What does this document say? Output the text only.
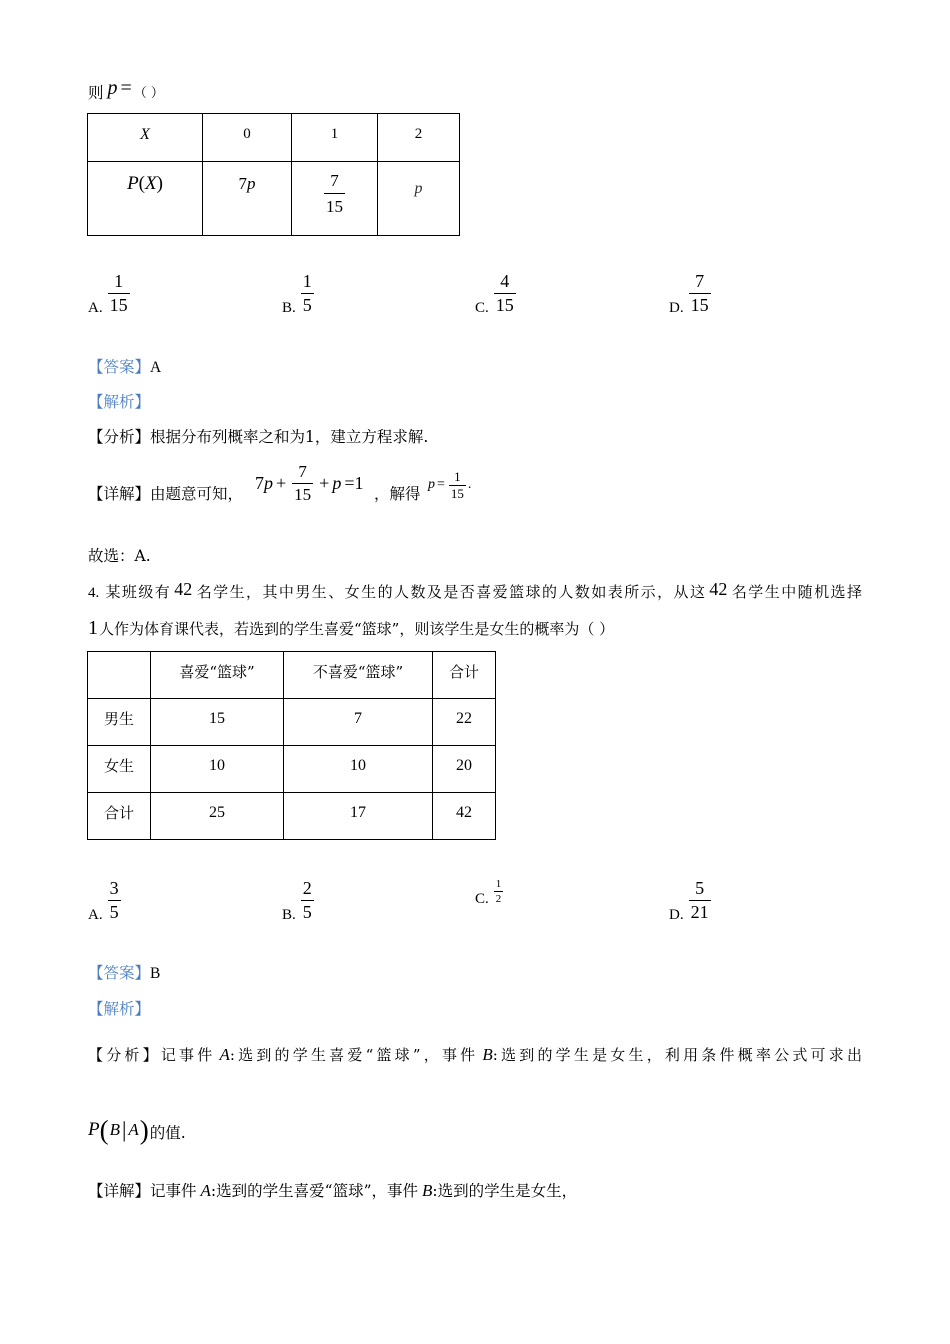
则 p = （ ）
X	0	1	2

P(X)	7p	$\frac{7}{15}$	p
A. $\frac{1}{15}$	B. $\frac{1}{5}$	C. $\frac{4}{15}$	D. $\frac{7}{15}$
【答案】A
【解析】
【分析】根据分布列概率之和为1，建立方程求解.
【详解】由题意可知，
7 $p + \frac{7}{15} + p =1$
，解得
$p = \frac{1}{15}$ .
故选：A.
4. 某班级有 42 名学生，其中男生、女生的人数及是否喜爱篮球的人数如表所示，从这 42 名学生中随机选择
1人作为体育课代表，若选到的学生喜爱“篮球”，则该学生是女生的概率为（ ）

	喜爱“篮球”	不喜爱“篮球”	合计

男生	15	7	22

女生	10	10	20

合计	25	17	42
A. $\frac{3}{5}$	B. $\frac{2}{5}$	C. $\frac{1}{2}$
D. $\frac{5}{21}$
【答案】B
【解析】
【分析】记事件 A:选到的学生喜爱“篮球”，事件 B:选到的学生是女生，利用条件概率公式可求出
P ( B | A ) 的值.
【详解】记事件 A:选到的学生喜爱“篮球”，事件 B:选到的学生是女生，
